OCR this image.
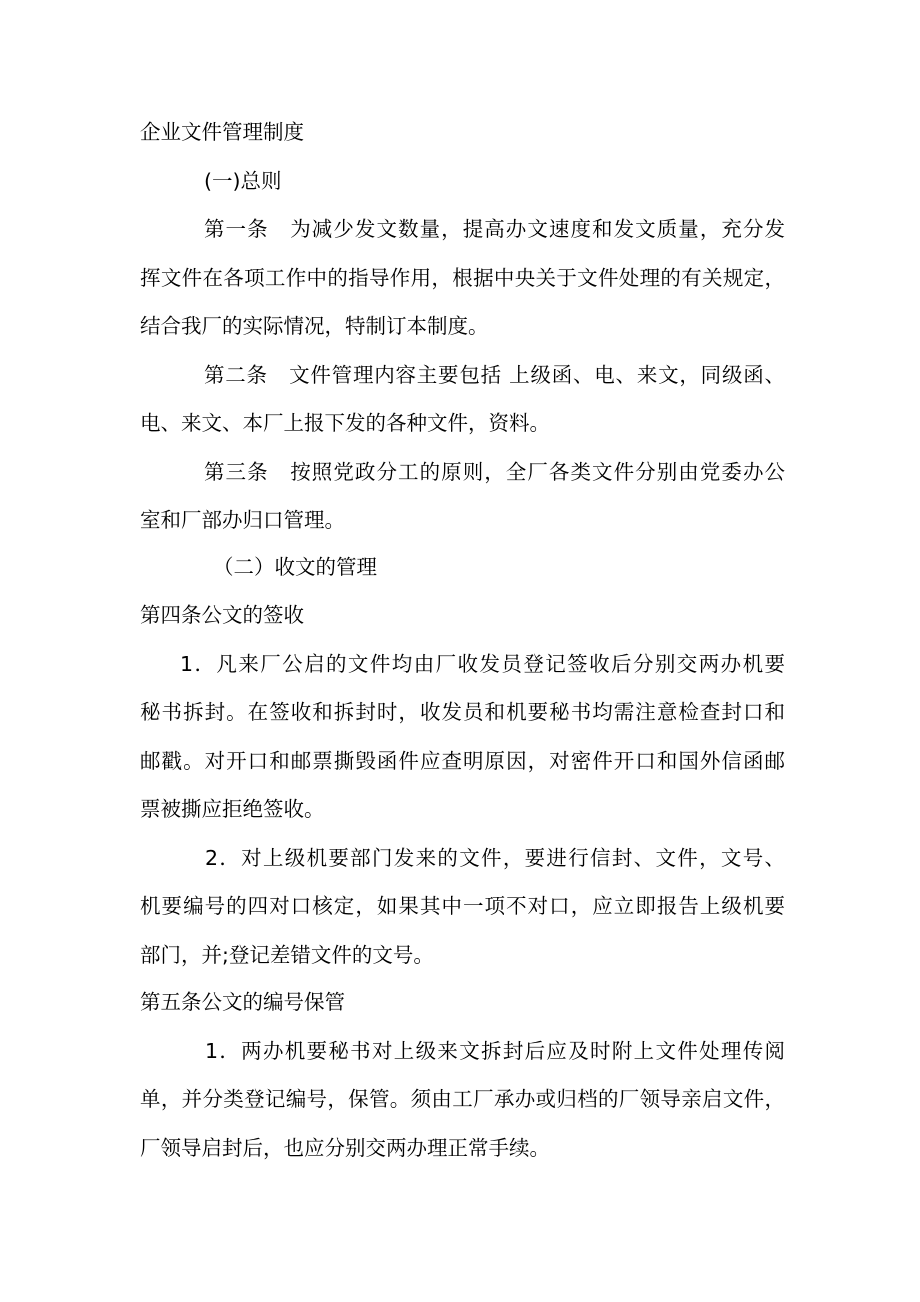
企业文件管理制度
(一)总则
第一条　为减少发文数量，提高办文速度和发文质量，充分发
挥文件在各项工作中的指导作用，根据中央关于文件处理的有关规定，
结合我厂的实际情况，特制订本制度。
第二条　文件管理内容主要包括 上级函、电、来文，同级函、
电、来文、本厂上报下发的各种文件，资料。
第三条　按照党政分工的原则，全厂各类文件分别由党委办公
室和厂部办归口管理。
（二）收文的管理
第四条公文的签收
1．凡来厂公启的文件均由厂收发员登记签收后分别交两办机要
秘书拆封。在签收和拆封时，收发员和机要秘书均需注意检查封口和
邮戳。对开口和邮票撕毁函件应查明原因，对密件开口和国外信函邮
票被撕应拒绝签收。
2．对上级机要部门发来的文件，要进行信封、文件，文号、
机要编号的四对口核定，如果其中一项不对口，应立即报告上级机要
部门，并;登记差错文件的文号。
第五条公文的编号保管
1．两办机要秘书对上级来文拆封后应及时附上文件处理传阅
单，并分类登记编号，保管。须由工厂承办或归档的厂领导亲启文件，
厂领导启封后，也应分别交两办理正常手续。
